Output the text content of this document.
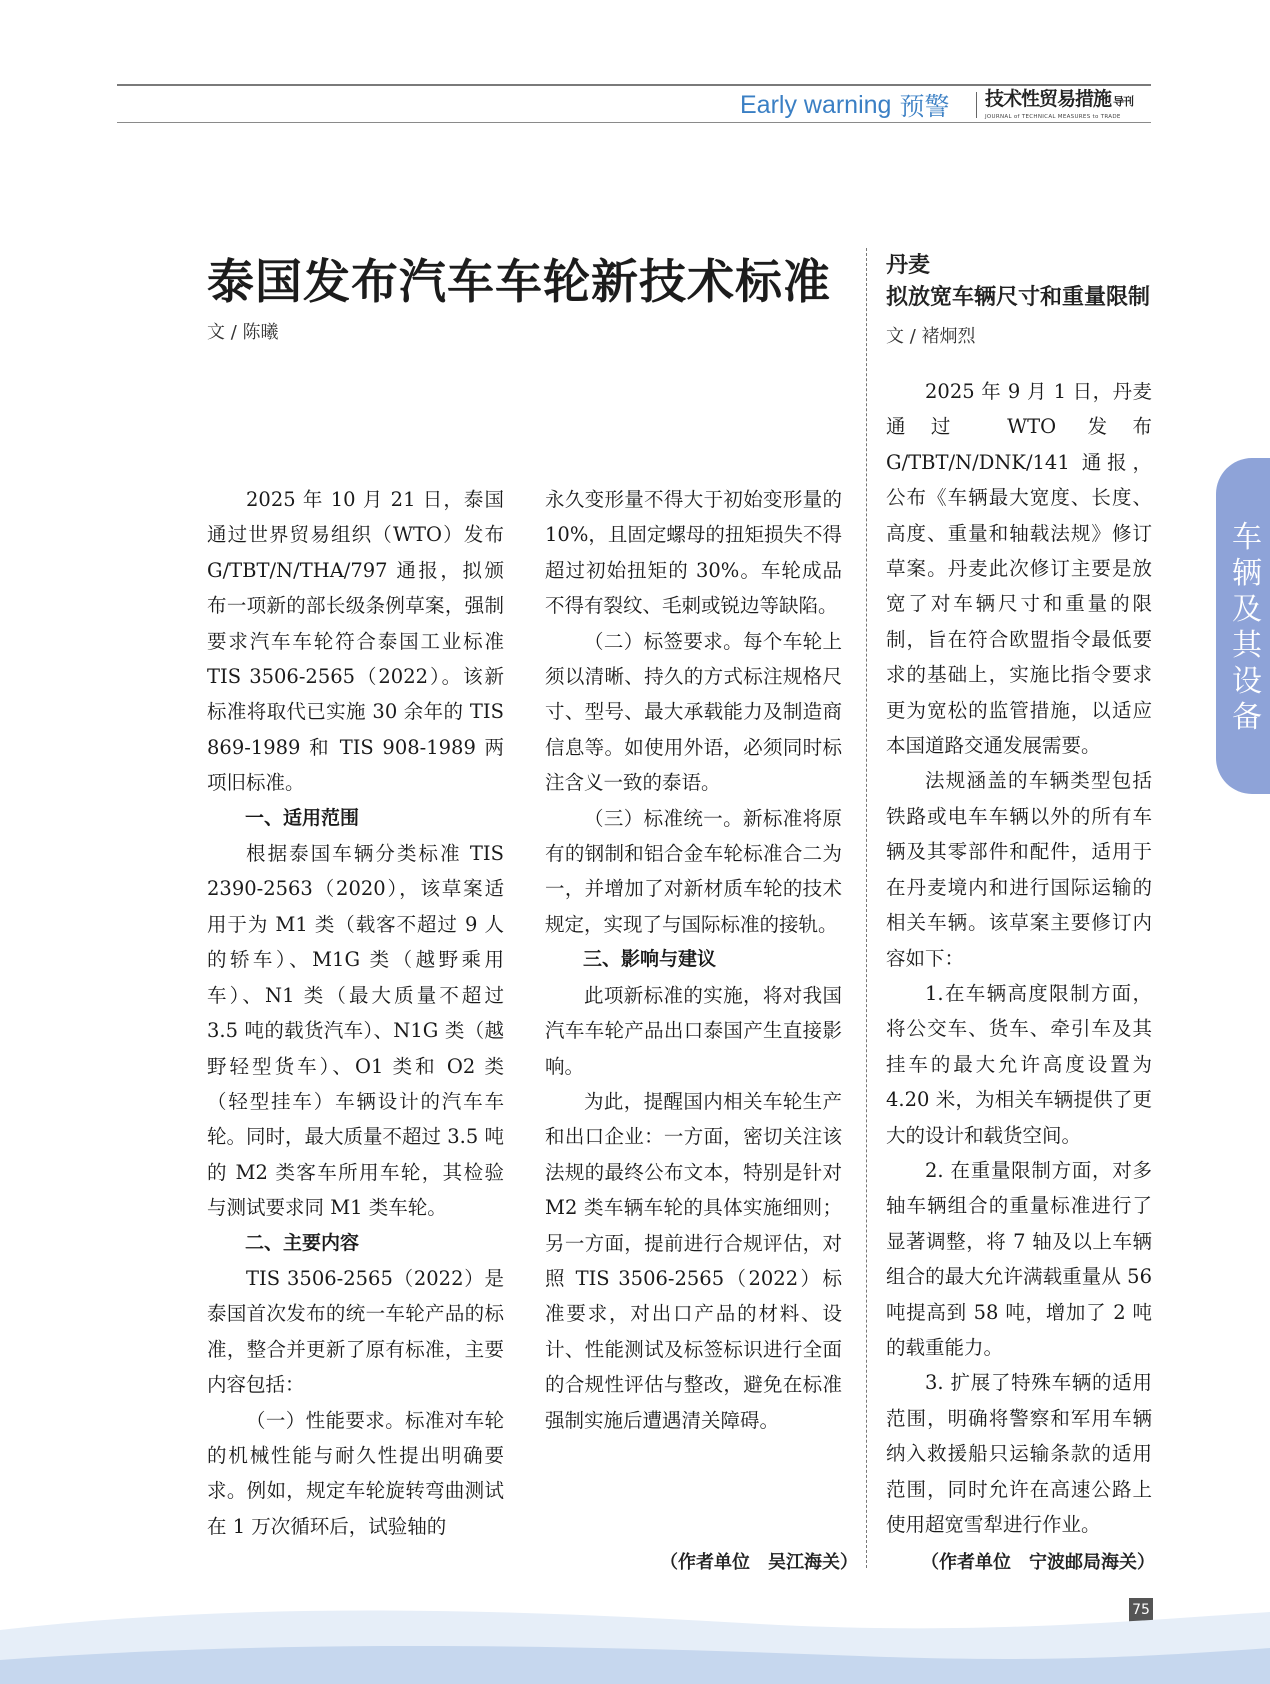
Early warning 预警 技术性贸易措施 导刊
JOURNAL of TECHNICAL MEASURES to TRADE
车
辆
及
其
设
备
泰国发布汽车车轮新技术标准
文 / 陈曦

2025 年 10 月 21 日，泰国通过世界贸易组织（WTO）发布 G/TBT/N/THA/797 通报，拟颁布一项新的部长级条例草案，强制要求汽车车轮符合泰国工业标准 TIS 3506-2565（2022）。该新标准将取代已实施 30 余年的 TIS 869-1989 和 TIS 908-1989 两项旧标准。

一、适用范围

根据泰国车辆分类标准 TIS 2390-2563（2020），该草案适用于为 M1 类（载客不超过 9 人的轿车）、M1G 类（越野乘用车）、N1 类（最大质量不超过 3.5 吨的载货汽车）、N1G 类（越野轻型货车）、O1 类和 O2 类（轻型挂车）车辆设计的汽车车轮。同时，最大质量不超过 3.5 吨的 M2 类客车所用车轮，其检验与测试要求同 M1 类车轮。

二、主要内容

TIS 3506-2565（2022）是泰国首次发布的统一车轮产品的标准，整合并更新了原有标准，主要内容包括：

（一）性能要求。标准对车轮的机械性能与耐久性提出明确要求。例如，规定车轮旋转弯曲测试在 1 万次循环后，试验轴的

永久变形量不得大于初始变形量的 10%，且固定螺母的扭矩损失不得超过初始扭矩的 30%。车轮成品不得有裂纹、毛刺或锐边等缺陷。

（二）标签要求。每个车轮上须以清晰、持久的方式标注规格尺寸、型号、最大承载能力及制造商信息等。如使用外语，必须同时标注含义一致的泰语。

（三）标准统一。新标准将原有的钢制和铝合金车轮标准合二为一，并增加了对新材质车轮的技术规定，实现了与国际标准的接轨。

三、影响与建议

此项新标准的实施，将对我国汽车车轮产品出口泰国产生直接影响。

为此，提醒国内相关车轮生产和出口企业：一方面，密切关注该法规的最终公布文本，特别是针对 M2 类车辆车轮的具体实施细则；另一方面，提前进行合规评估，对照 TIS 3506-2565（2022）标准要求，对出口产品的材料、设计、性能测试及标签标识进行全面的合规性评估与整改，避免在标准强制实施后遭遇清关障碍。

（作者单位　吴江海关）
丹麦
拟放宽车辆尺寸和重量限制
文 / 褚炯烈

2025 年 9 月 1 日，丹麦通过 WTO 发布 G/TBT/N/DNK/141 通报，公布《车辆最大宽度、长度、高度、重量和轴载法规》修订草案。丹麦此次修订主要是放宽了对车辆尺寸和重量的限制，旨在符合欧盟指令最低要求的基础上，实施比指令要求更为宽松的监管措施，以适应本国道路交通发展需要。

法规涵盖的车辆类型包括铁路或电车车辆以外的所有车辆及其零部件和配件，适用于在丹麦境内和进行国际运输的相关车辆。该草案主要修订内容如下：

1.在车辆高度限制方面，将公交车、货车、牵引车及其挂车的最大允许高度设置为 4.20 米，为相关车辆提供了更大的设计和载货空间。

2. 在重量限制方面，对多轴车辆组合的重量标准进行了显著调整，将 7 轴及以上车辆组合的最大允许满载重量从 56 吨提高到 58 吨，增加了 2 吨的载重能力。

3. 扩展了特殊车辆的适用范围，明确将警察和军用车辆纳入救援船只运输条款的适用范围，同时允许在高速公路上使用超宽雪犁进行作业。

（作者单位　宁波邮局海关）
75
